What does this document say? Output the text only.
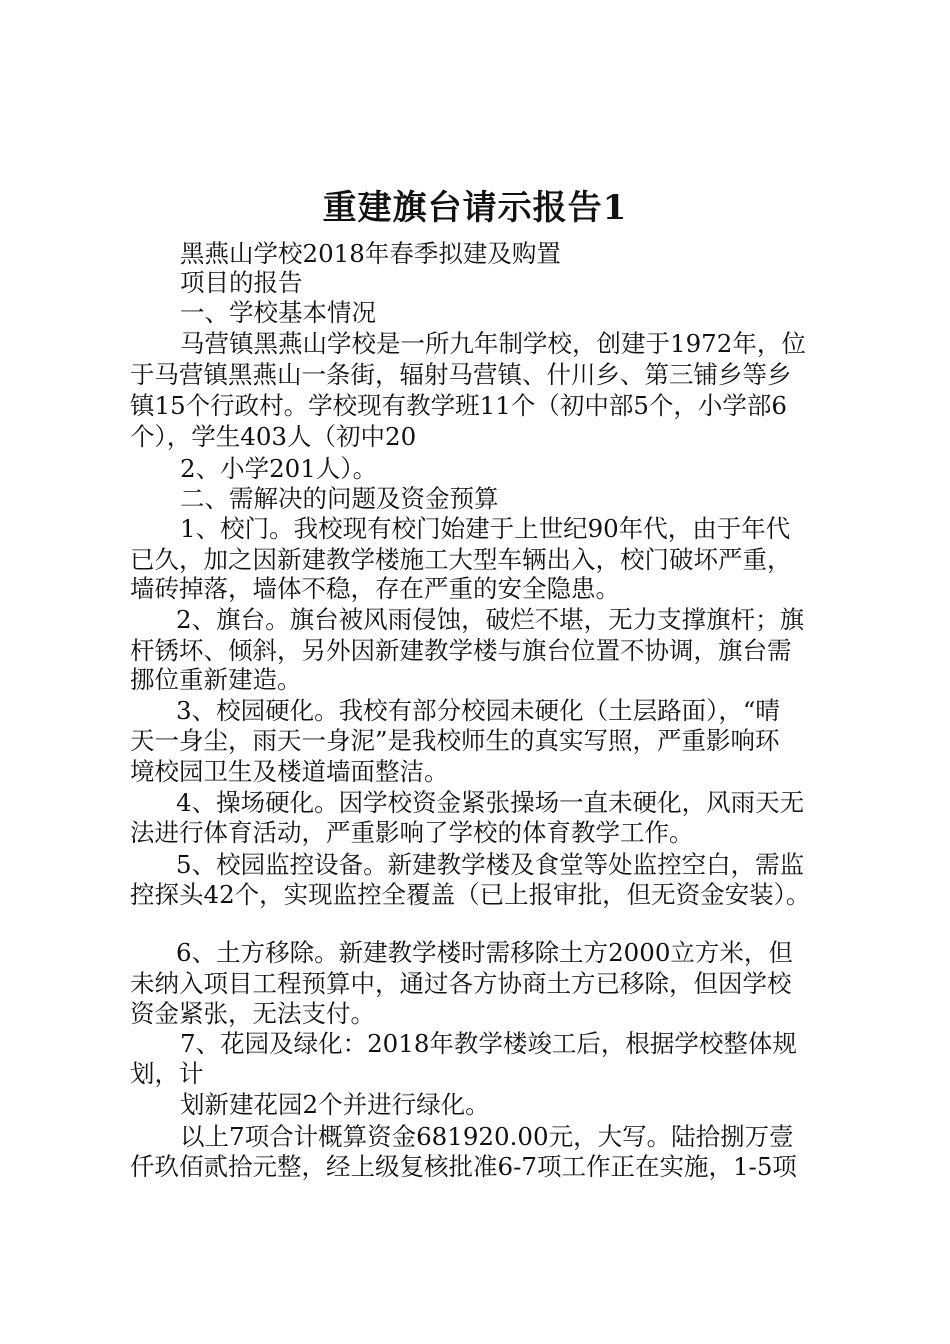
重建旗台请示报告1
黑燕山学校2018年春季拟建及购置
项目的报告
一、学校基本情况
马营镇黑燕山学校是一所九年制学校，创建于1972年，位
于马营镇黑燕山一条街，辐射马营镇、什川乡、第三铺乡等乡
镇15个行政村。学校现有教学班11个（初中部5个，小学部6
个），学生403人（初中20
2、小学201人）。
二、需解决的问题及资金预算
1、校门。我校现有校门始建于上世纪90年代，由于年代
已久，加之因新建教学楼施工大型车辆出入，校门破坏严重，
墙砖掉落，墙体不稳，存在严重的安全隐患。
2、旗台。旗台被风雨侵蚀，破烂不堪，无力支撑旗杆；旗
杆锈坏、倾斜，另外因新建教学楼与旗台位置不协调，旗台需
挪位重新建造。
3、校园硬化。我校有部分校园未硬化（土层路面），“晴
天一身尘，雨天一身泥”是我校师生的真实写照，严重影响环
境校园卫生及楼道墙面整洁。
4、操场硬化。因学校资金紧张操场一直未硬化，风雨天无
法进行体育活动，严重影响了学校的体育教学工作。
5、校园监控设备。新建教学楼及食堂等处监控空白，需监
控探头42个，实现监控全覆盖（已上报审批，但无资金安装）。
6、土方移除。新建教学楼时需移除土方2000立方米，但
未纳入项目工程预算中，通过各方协商土方已移除，但因学校
资金紧张，无法支付。
7、花园及绿化：2018年教学楼竣工后，根据学校整体规
划，计
划新建花园2个并进行绿化。
以上7项合计概算资金681920.00元，大写。陆拾捌万壹
仟玖佰贰拾元整，经上级复核批准6-7项工作正在实施，1-5项
